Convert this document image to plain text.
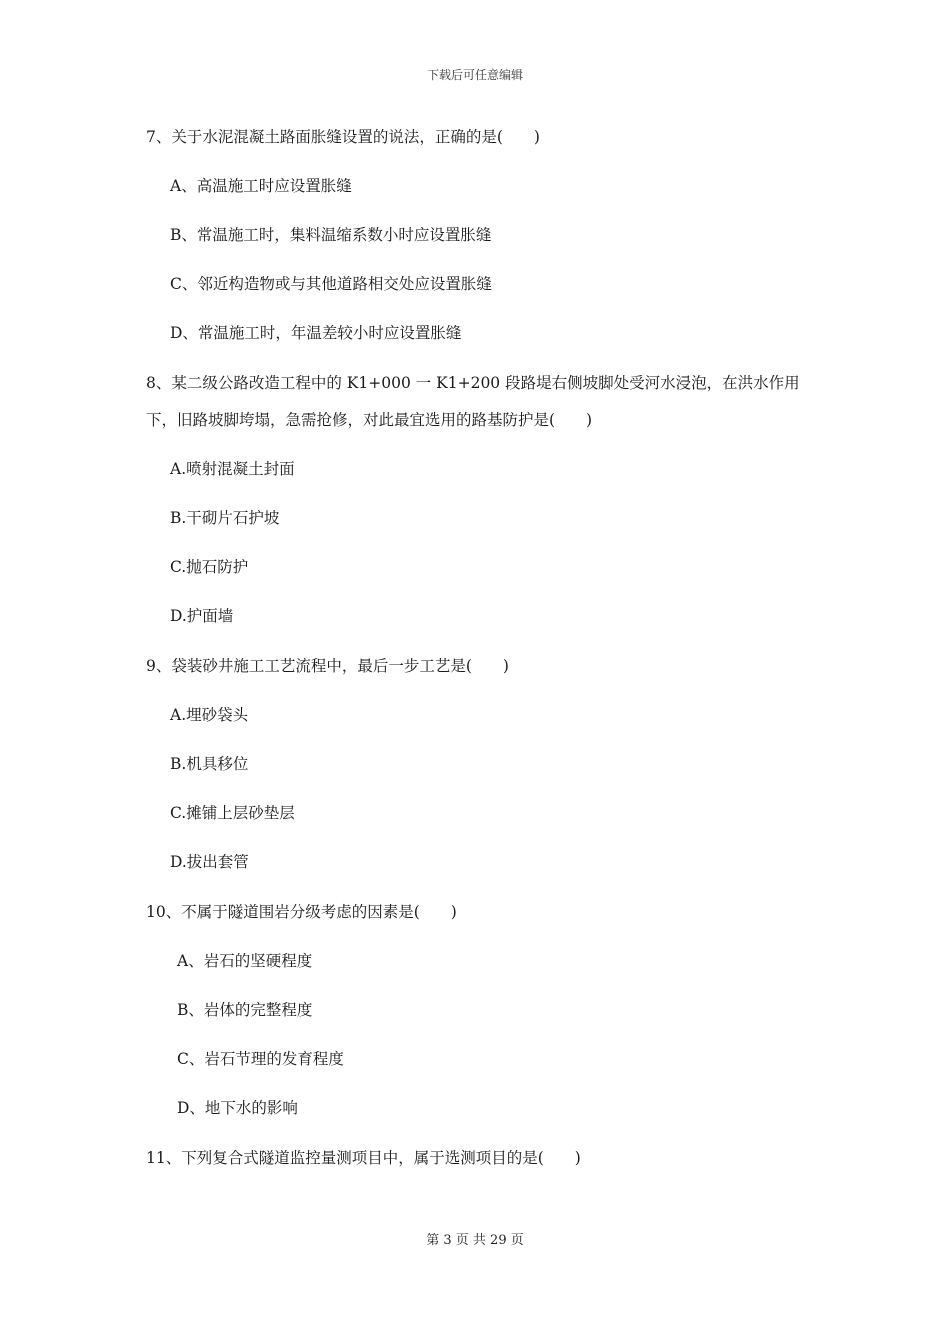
下载后可任意编辑
7、关于水泥混凝土路面胀缝设置的说法，正确的是(　　)
A、高温施工时应设置胀缝
B、常温施工时，集料温缩系数小时应设置胀缝
C、邻近构造物或与其他道路相交处应设置胀缝
D、常温施工时，年温差较小时应设置胀缝
8、某二级公路改造工程中的 K1+000 一 K1+200 段路堤右侧坡脚处受河水浸泡，在洪水作用
下，旧路坡脚垮塌，急需抢修，对此最宜选用的路基防护是(　　)
A.喷射混凝土封面
B.干砌片石护坡
C.抛石防护
D.护面墙
9、袋装砂井施工工艺流程中，最后一步工艺是(　　)
A.埋砂袋头
B.机具移位
C.摊铺上层砂垫层
D.拔出套管
10、不属于隧道围岩分级考虑的因素是(　　)
A、岩石的坚硬程度
B、岩体的完整程度
C、岩石节理的发育程度
D、地下水的影响
11、下列复合式隧道监控量测项目中，属于选测项目的是(　　)
第 3 页 共 29 页
